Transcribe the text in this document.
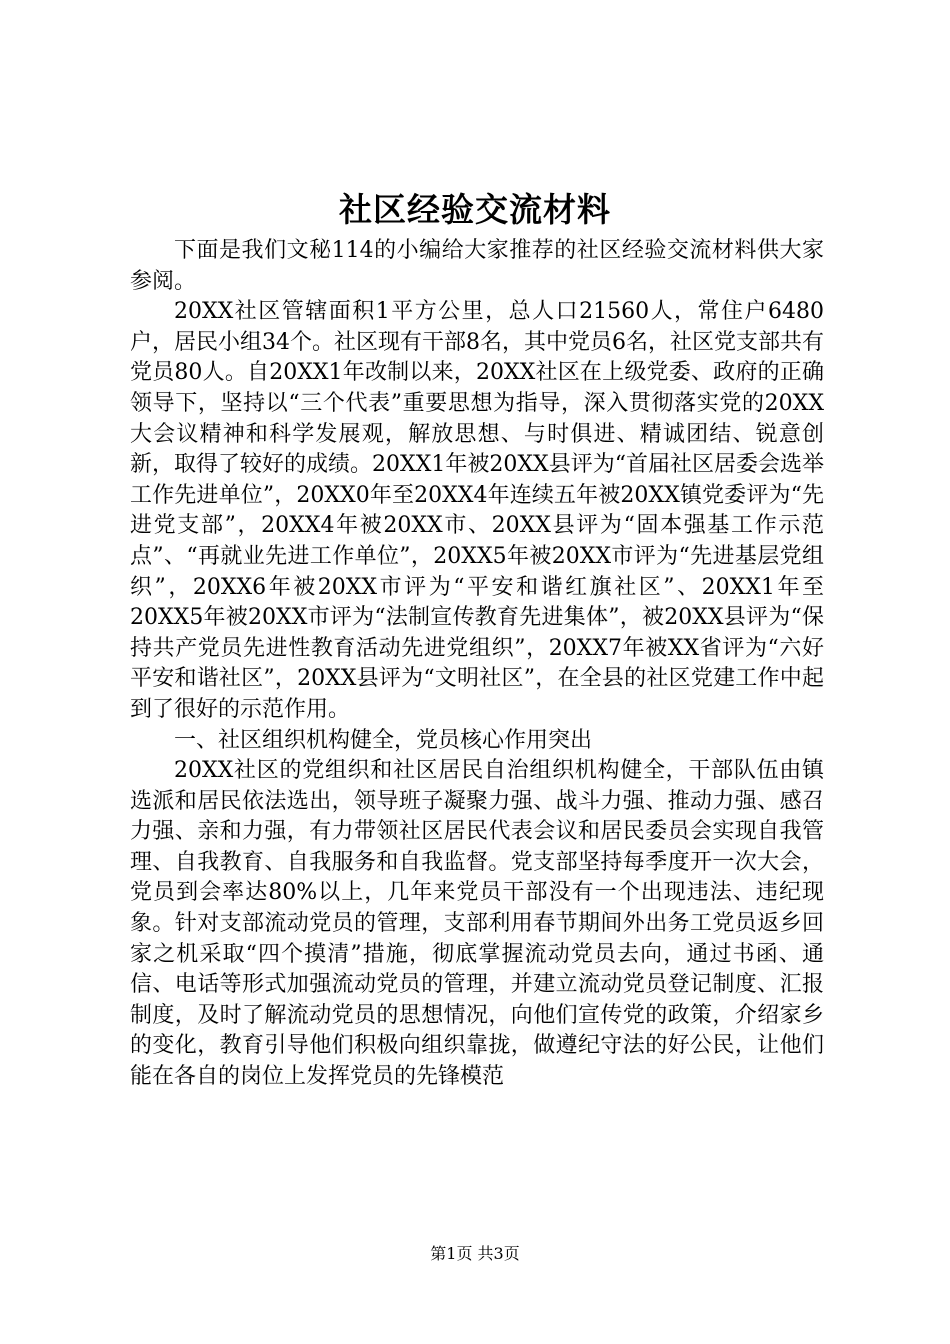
社区经验交流材料

下面是我们文秘114的小编给大家推荐的社区经验交流材料供大家参阅。

20XX社区管辖面积1平方公里，总人口21560人，常住户6480户，居民小组34个。社区现有干部8名，其中党员6名，社区党支部共有党员80人。自20XX1年改制以来，20XX社区在上级党委、政府的正确领导下，坚持以“三个代表”重要思想为指导，深入贯彻落实党的20XX大会议精神和科学发展观，解放思想、与时俱进、精诚团结、锐意创新，取得了较好的成绩。20XX1年被20XX县评为“首届社区居委会选举工作先进单位”，20XX0年至20XX4年连续五年被20XX镇党委评为“先进党支部”，20XX4年被20XX市、20XX县评为“固本强基工作示范点”、“再就业先进工作单位”，20XX5年被20XX市评为“先进基层党组织”，20XX6年被20XX市评为“平安和谐红旗社区”、20XX1年至20XX5年被20XX市评为“法制宣传教育先进集体”，被20XX县评为“保持共产党员先进性教育活动先进党组织”，20XX7年被XX省评为“六好平安和谐社区”，20XX县评为“文明社区”，在全县的社区党建工作中起到了很好的示范作用。

一、社区组织机构健全，党员核心作用突出

20XX社区的党组织和社区居民自治组织机构健全，干部队伍由镇选派和居民依法选出，领导班子凝聚力强、战斗力强、推动力强、感召力强、亲和力强，有力带领社区居民代表会议和居民委员会实现自我管理、自我教育、自我服务和自我监督。党支部坚持每季度开一次大会，党员到会率达80%以上，几年来党员干部没有一个出现违法、违纪现象。针对支部流动党员的管理，支部利用春节期间外出务工党员返乡回家之机采取“四个摸清”措施，彻底掌握流动党员去向，通过书函、通信、电话等形式加强流动党员的管理，并建立流动党员登记制度、汇报制度，及时了解流动党员的思想情况，向他们宣传党的政策，介绍家乡的变化，教育引导他们积极向组织靠拢，做遵纪守法的好公民，让他们能在各自的岗位上发挥党员的先锋模范

第1页 共3页
